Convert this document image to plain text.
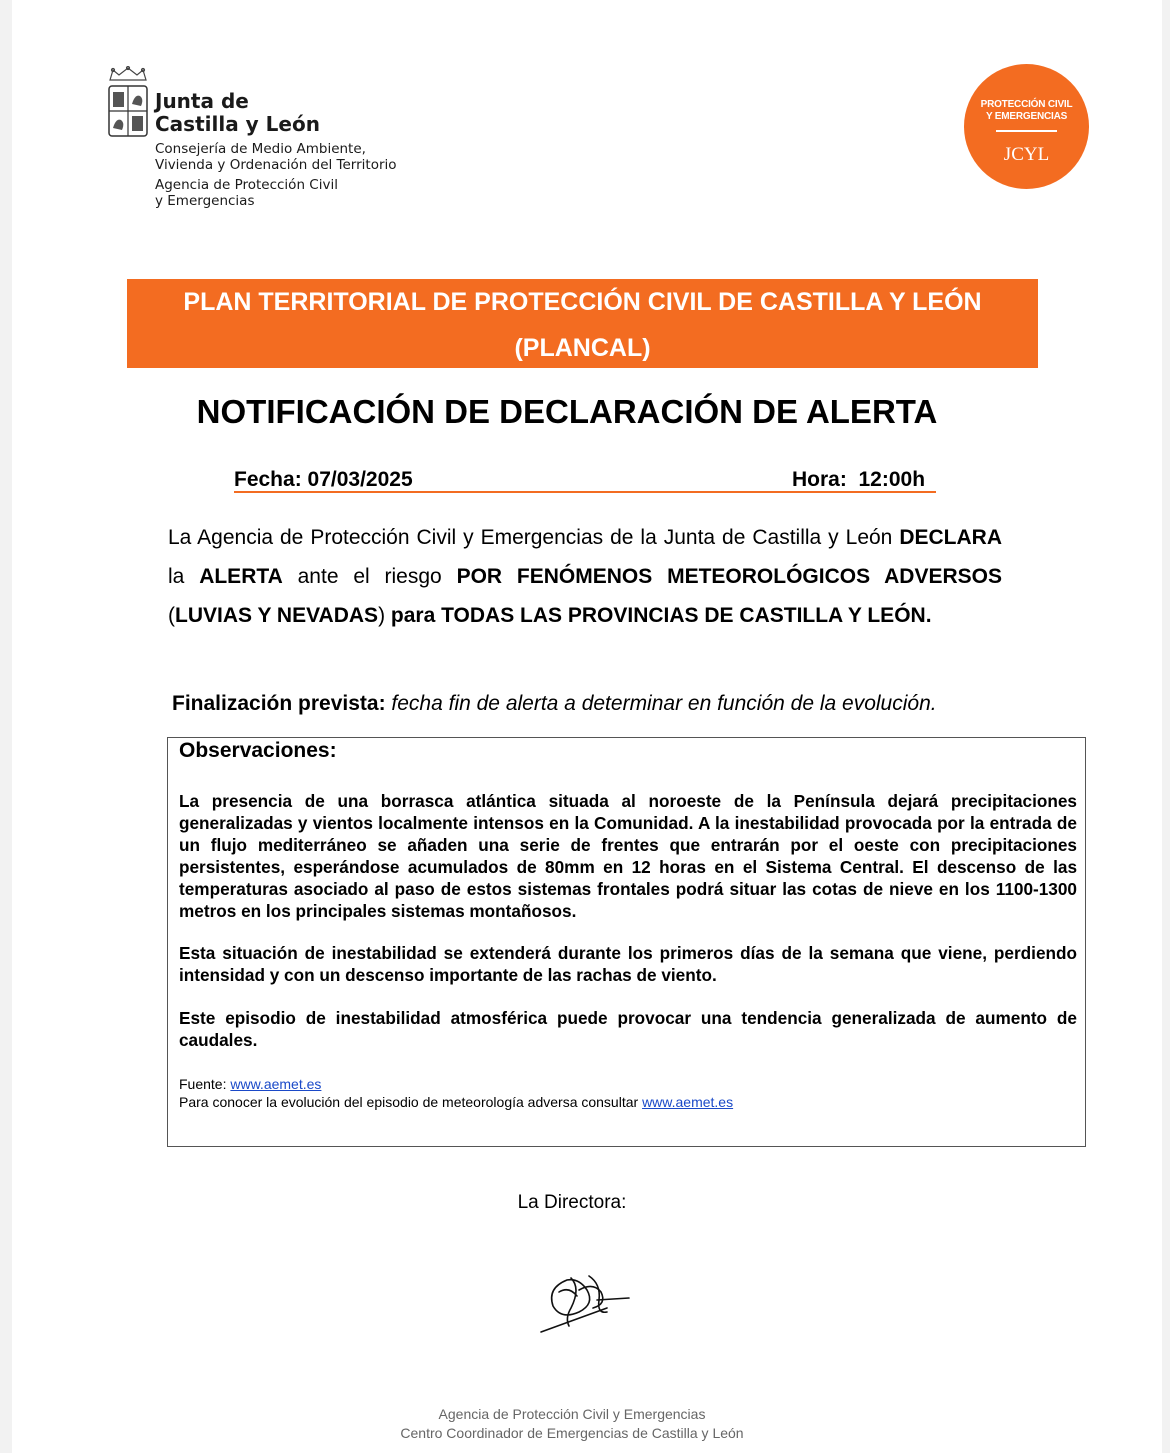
Junta de
Castilla y León
Consejería de Medio Ambiente,
Vivienda y Ordenación del Territorio
Agencia de Protección Civil
y Emergencias
PROTECCIÓN CIVIL
Y EMERGENCIAS
JCYL
PLAN TERRITORIAL DE PROTECCIÓN CIVIL DE CASTILLA Y LEÓN
(PLANCAL)
NOTIFICACIÓN DE DECLARACIÓN DE ALERTA
Fecha: 07/03/2025	Hora:  12:00h
La Agencia de Protección Civil y Emergencias de la Junta de Castilla y León DECLARA la ALERTA ante el riesgo POR FENÓMENOS METEOROLÓGICOS ADVERSOS (LUVIAS Y NEVADAS) para TODAS LAS PROVINCIAS DE CASTILLA Y LEÓN.
Finalización prevista: fecha fin de alerta a determinar en función de la evolución.
Observaciones:
La presencia de una borrasca atlántica situada al noroeste de la Península dejará precipitaciones generalizadas y vientos localmente intensos en la Comunidad. A la inestabilidad provocada por la entrada de un flujo mediterráneo se añaden una serie de frentes que entrarán por el oeste con precipitaciones persistentes, esperándose acumulados de 80mm en 12 horas en el Sistema Central. El descenso de las temperaturas asociado al paso de estos sistemas frontales podrá situar las cotas de nieve en los 1100-1300 metros en los principales sistemas montañosos.
Esta situación de inestabilidad se extenderá durante los primeros días de la semana que viene, perdiendo intensidad y con un descenso importante de las rachas de viento.
Este episodio de inestabilidad atmosférica puede provocar una tendencia generalizada de aumento de caudales.
Fuente: www.aemet.es
Para conocer la evolución del episodio de meteorología adversa consultar www.aemet.es
La Directora:
Agencia de Protección Civil y Emergencias
Centro Coordinador de Emergencias de Castilla y León
